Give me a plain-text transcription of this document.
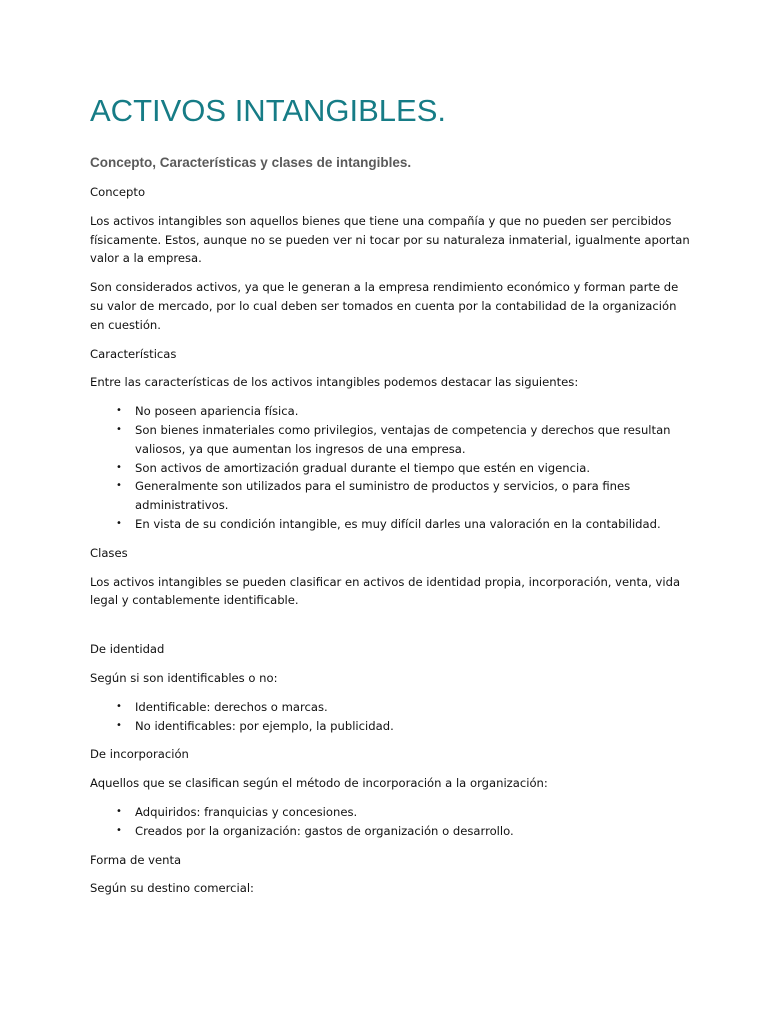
ACTIVOS INTANGIBLES.
Concepto, Características y clases de intangibles.

Concepto

Los activos intangibles son aquellos bienes que tiene una compañía y que no pueden ser percibidos físicamente. Estos, aunque no se pueden ver ni tocar por su naturaleza inmaterial, igualmente aportan valor a la empresa.

Son considerados activos, ya que le generan a la empresa rendimiento económico y forman parte de su valor de mercado, por lo cual deben ser tomados en cuenta por la contabilidad de la organización en cuestión.

Características

Entre las características de los activos intangibles podemos destacar las siguientes:

• No poseen apariencia física.
• Son bienes inmateriales como privilegios, ventajas de competencia y derechos que resultan valiosos, ya que aumentan los ingresos de una empresa.
• Son activos de amortización gradual durante el tiempo que estén en vigencia.
• Generalmente son utilizados para el suministro de productos y servicios, o para fines administrativos.
• En vista de su condición intangible, es muy difícil darles una valoración en la contabilidad.

Clases

Los activos intangibles se pueden clasificar en activos de identidad propia, incorporación, venta, vida legal y contablemente identificable.

De identidad

Según si son identificables o no:

• Identificable: derechos o marcas.
• No identificables: por ejemplo, la publicidad.

De incorporación

Aquellos que se clasifican según el método de incorporación a la organización:

• Adquiridos: franquicias y concesiones.
• Creados por la organización: gastos de organización o desarrollo.

Forma de venta

Según su destino comercial:
